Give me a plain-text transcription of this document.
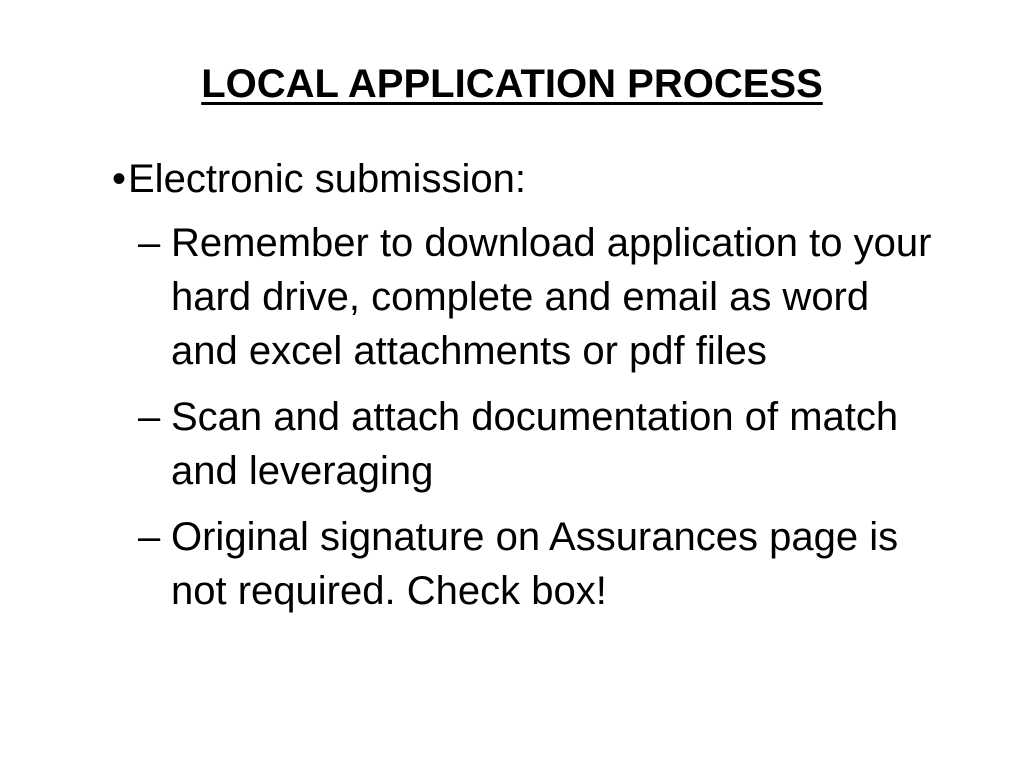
LOCAL APPLICATION PROCESS
• Electronic submission:
– Remember to download application to your hard drive, complete and email as word and excel attachments or pdf files
– Scan and attach documentation of match and leveraging
– Original signature on Assurances page is not required. Check box!
